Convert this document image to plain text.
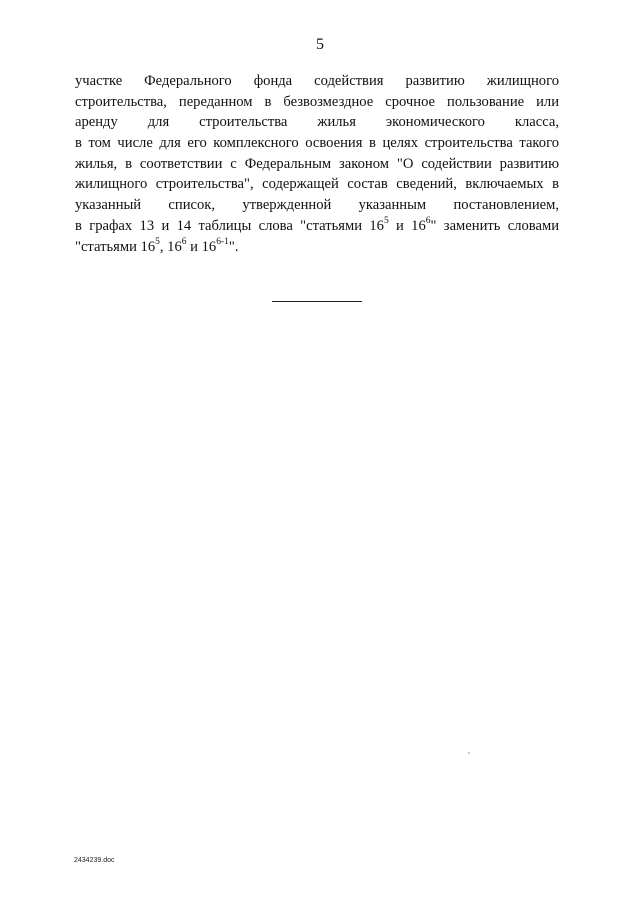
5
участке Федерального фонда содействия развитию жилищного
строительства, переданном в безвозмездное срочное пользование или
аренду для строительства жилья экономического класса,
в том числе для его комплексного освоения в целях строительства такого
жилья, в соответствии с Федеральным законом "О содействии развитию
жилищного строительства", содержащей состав сведений, включаемых в
указанный список, утвержденной указанным постановлением,
в графах 13 и 14 таблицы слова "статьями $16^5$ и $16^6$" заменить словами
"статьями $16^5$, $16^6$ и 16$^{6-1}$".
2434239.doc
